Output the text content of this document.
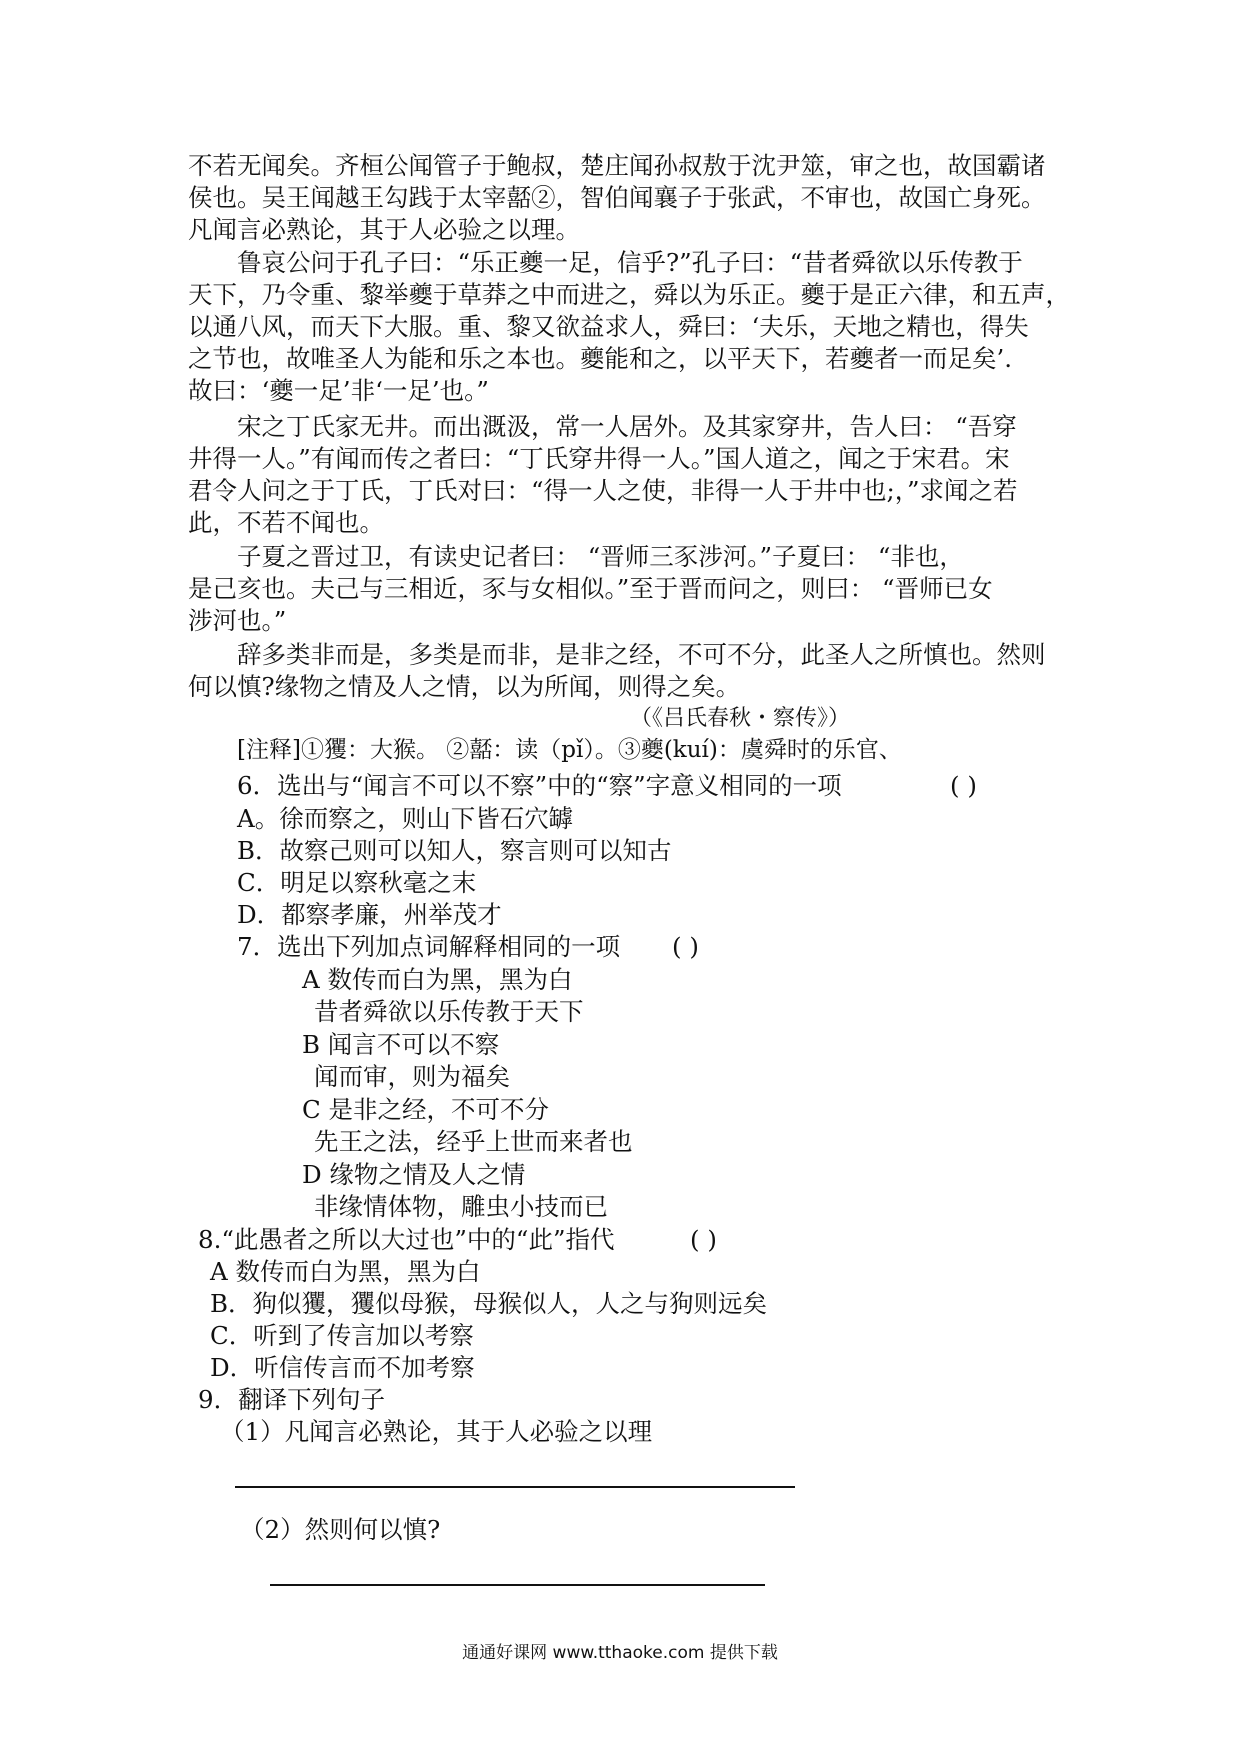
不若无闻矣。齐桓公闻管子于鲍叔，楚庄闻孙叔敖于沈尹筮，审之也，故国霸诸
侯也。吴王闻越王勾践于太宰嚭②，智伯闻襄子于张武，不审也，故国亡身死。
凡闻言必熟论，其于人必验之以理。
鲁哀公问于孔子曰：“乐正夔一足，信乎?”孔子曰：“昔者舜欲以乐传教于
天下，乃令重、黎举夔于草莽之中而进之，舜以为乐正。夔于是正六律，和五声，
以通八风，而天下大服。重、黎又欲益求人，舜曰：‘夫乐，天地之精也，得失
之节也，故唯圣人为能和乐之本也。夔能和之，以平天下，若夔者一而足矣’.
故曰：‘夔一足’非‘一足’也。”
宋之丁氏家无井。而出溉汲，常一人居外。及其家穿井，告人曰： “吾穿
井得一人。”有闻而传之者曰：“丁氏穿井得一人。”国人道之，闻之于宋君。宋
君令人问之于丁氏，丁氏对曰：“得一人之使，非得一人于井中也;，”求闻之若
此，不若不闻也。
子夏之晋过卫，有读史记者曰： “晋师三豕涉河。”子夏曰： “非也，
是己亥也。夫己与三相近，豕与女相似。”至于晋而问之，则曰： “晋师已女
涉河也。”
辞多类非而是，多类是而非，是非之经，不可不分，此圣人之所慎也。然则
何以慎?缘物之情及人之情，以为所闻，则得之矣。
（《吕氏春秋・察传》）
[注释]①玃：大猴。 ②嚭：读（pǐ）。③夔(kuí)：虞舜时的乐官、
6．选出与“闻言不可以不察”中的“察”字意义相同的一项	( )
A。徐而察之，则山下皆石穴罅
B．故察己则可以知人，察言则可以知古
C．明足以察秋毫之末
D．都察孝廉，州举茂才
7．选出下列加点词解释相同的一项 ( )
A 数传而白为黑，黑为白
昔者舜欲以乐传教于天下
B 闻言不可以不察
闻而审，则为福矣
C 是非之经，不可不分
先王之法，经乎上世而来者也
D 缘物之情及人之情
非缘情体物，雕虫小技而已
8.“此愚者之所以大过也”中的“此”指代	( )
A 数传而白为黑，黑为白
B．狗似玃，玃似母猴，母猴似人，人之与狗则远矣
C．听到了传言加以考察
D．听信传言而不加考察
9．翻译下列句子
（1）凡闻言必熟论，其于人必验之以理
（2）然则何以慎?
通通好课网 www.tthaoke.com 提供下载
